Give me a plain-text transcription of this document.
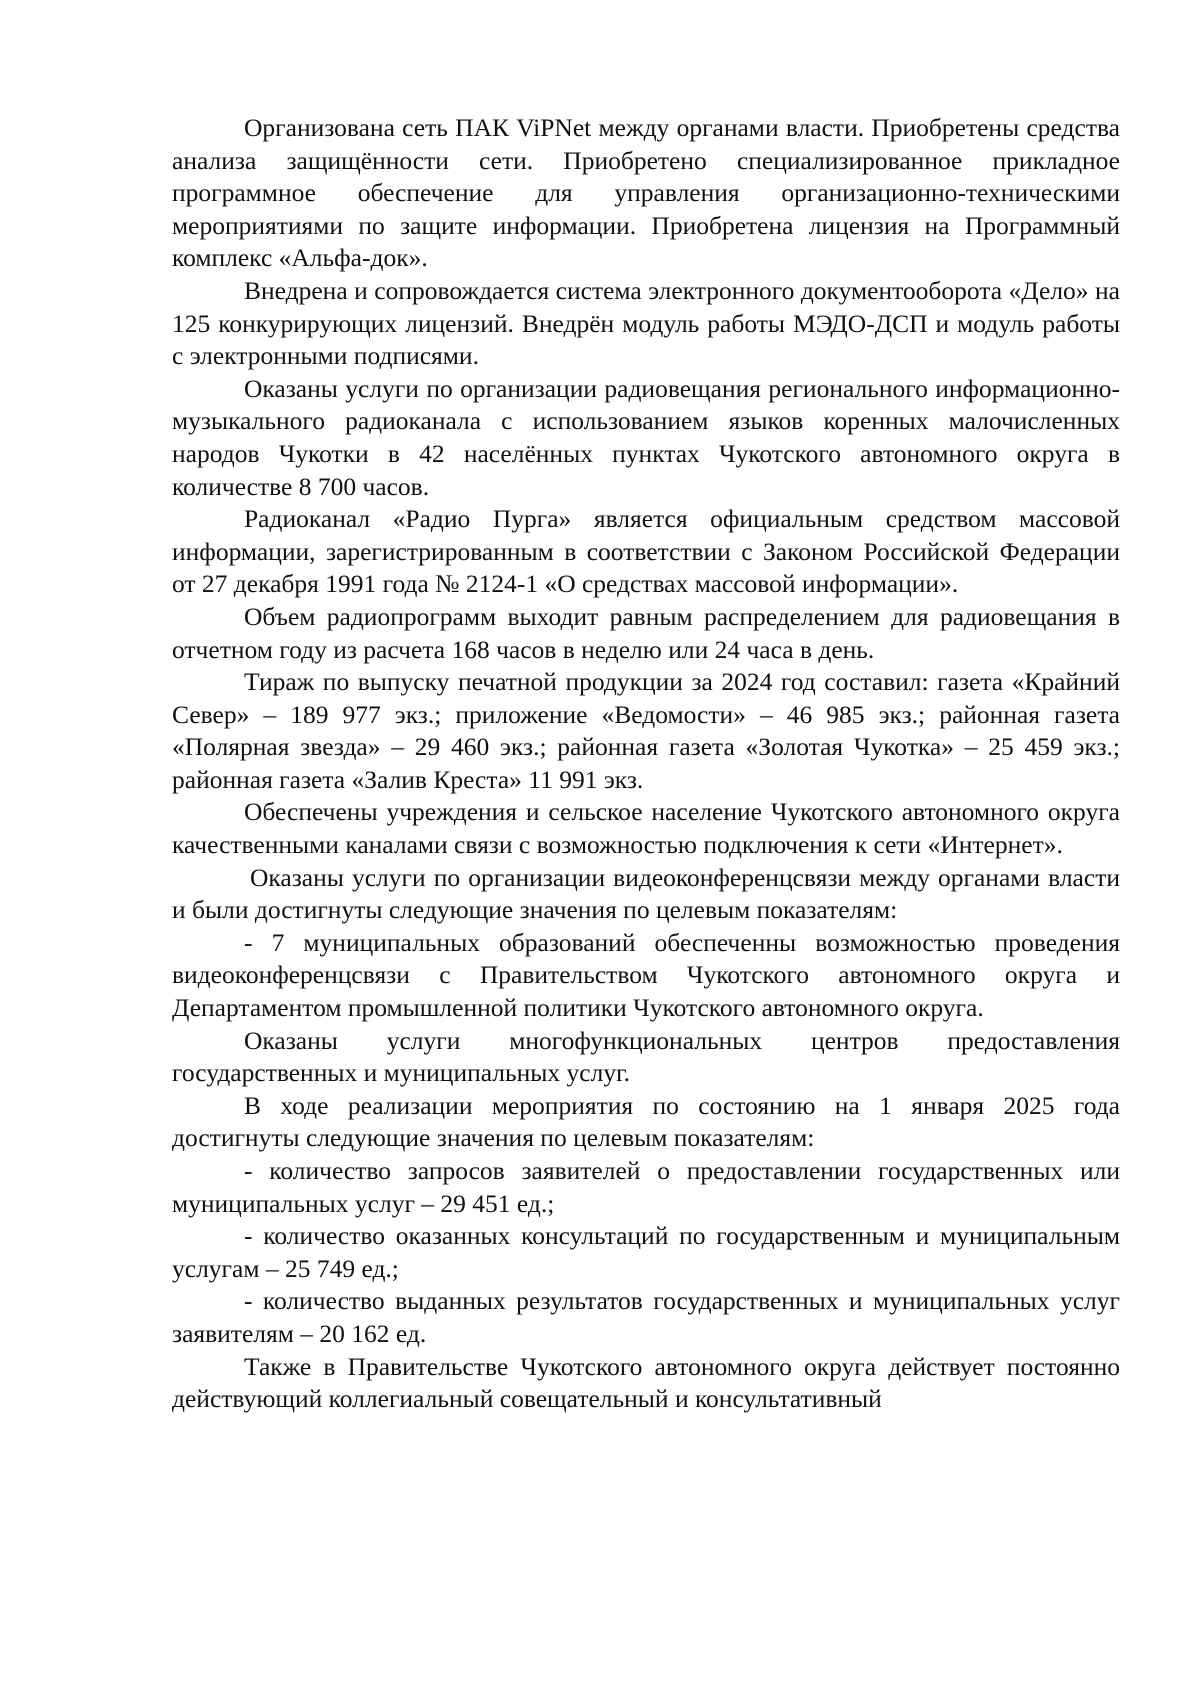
Организована сеть ПАК ViPNet между органами власти. Приобретены средства анализа защищённости сети. Приобретено специализированное прикладное программное обеспечение для управления организационно-техническими мероприятиями по защите информации. Приобретена лицензия на Программный комплекс «Альфа-док».

Внедрена и сопровождается система электронного документооборота «Дело» на 125 конкурирующих лицензий. Внедрён модуль работы МЭДО-ДСП и модуль работы с электронными подписями.

Оказаны услуги по организации радиовещания регионального информационно-музыкального радиоканала с использованием языков коренных малочисленных народов Чукотки в 42 населённых пунктах Чукотского автономного округа в количестве 8 700 часов.

Радиоканал «Радио Пурга» является официальным средством массовой информации, зарегистрированным в соответствии с Законом Российской Федерации от 27 декабря 1991 года № 2124-1 «О средствах массовой информации».

Объем радиопрограмм выходит равным распределением для радиовещания в отчетном году из расчета 168 часов в неделю или 24 часа в день.

Тираж по выпуску печатной продукции за 2024 год составил: газета «Крайний Север» – 189 977 экз.; приложение «Ведомости» – 46 985 экз.; районная газета «Полярная звезда» – 29 460 экз.; районная газета «Золотая Чукотка» – 25 459 экз.; районная газета «Залив Креста» 11 991 экз.

Обеспечены учреждения и сельское население Чукотского автономного округа качественными каналами связи с возможностью подключения к сети «Интернет».

Оказаны услуги по организации видеоконференцсвязи между органами власти и были достигнуты следующие значения по целевым показателям:

- 7 муниципальных образований обеспеченны возможностью проведения видеоконференцсвязи с Правительством Чукотского автономного округа и Департаментом промышленной политики Чукотского автономного округа.

Оказаны услуги многофункциональных центров предоставления государственных и муниципальных услуг.

В ходе реализации мероприятия по состоянию на 1 января 2025 года достигнуты следующие значения по целевым показателям:

- количество запросов заявителей о предоставлении государственных или муниципальных услуг – 29 451 ед.;

- количество оказанных консультаций по государственным и муниципальным услугам – 25 749 ед.;

- количество выданных результатов государственных и муниципальных услуг заявителям – 20 162 ед.

Также в Правительстве Чукотского автономного округа действует постоянно действующий коллегиальный совещательный и консультативный
